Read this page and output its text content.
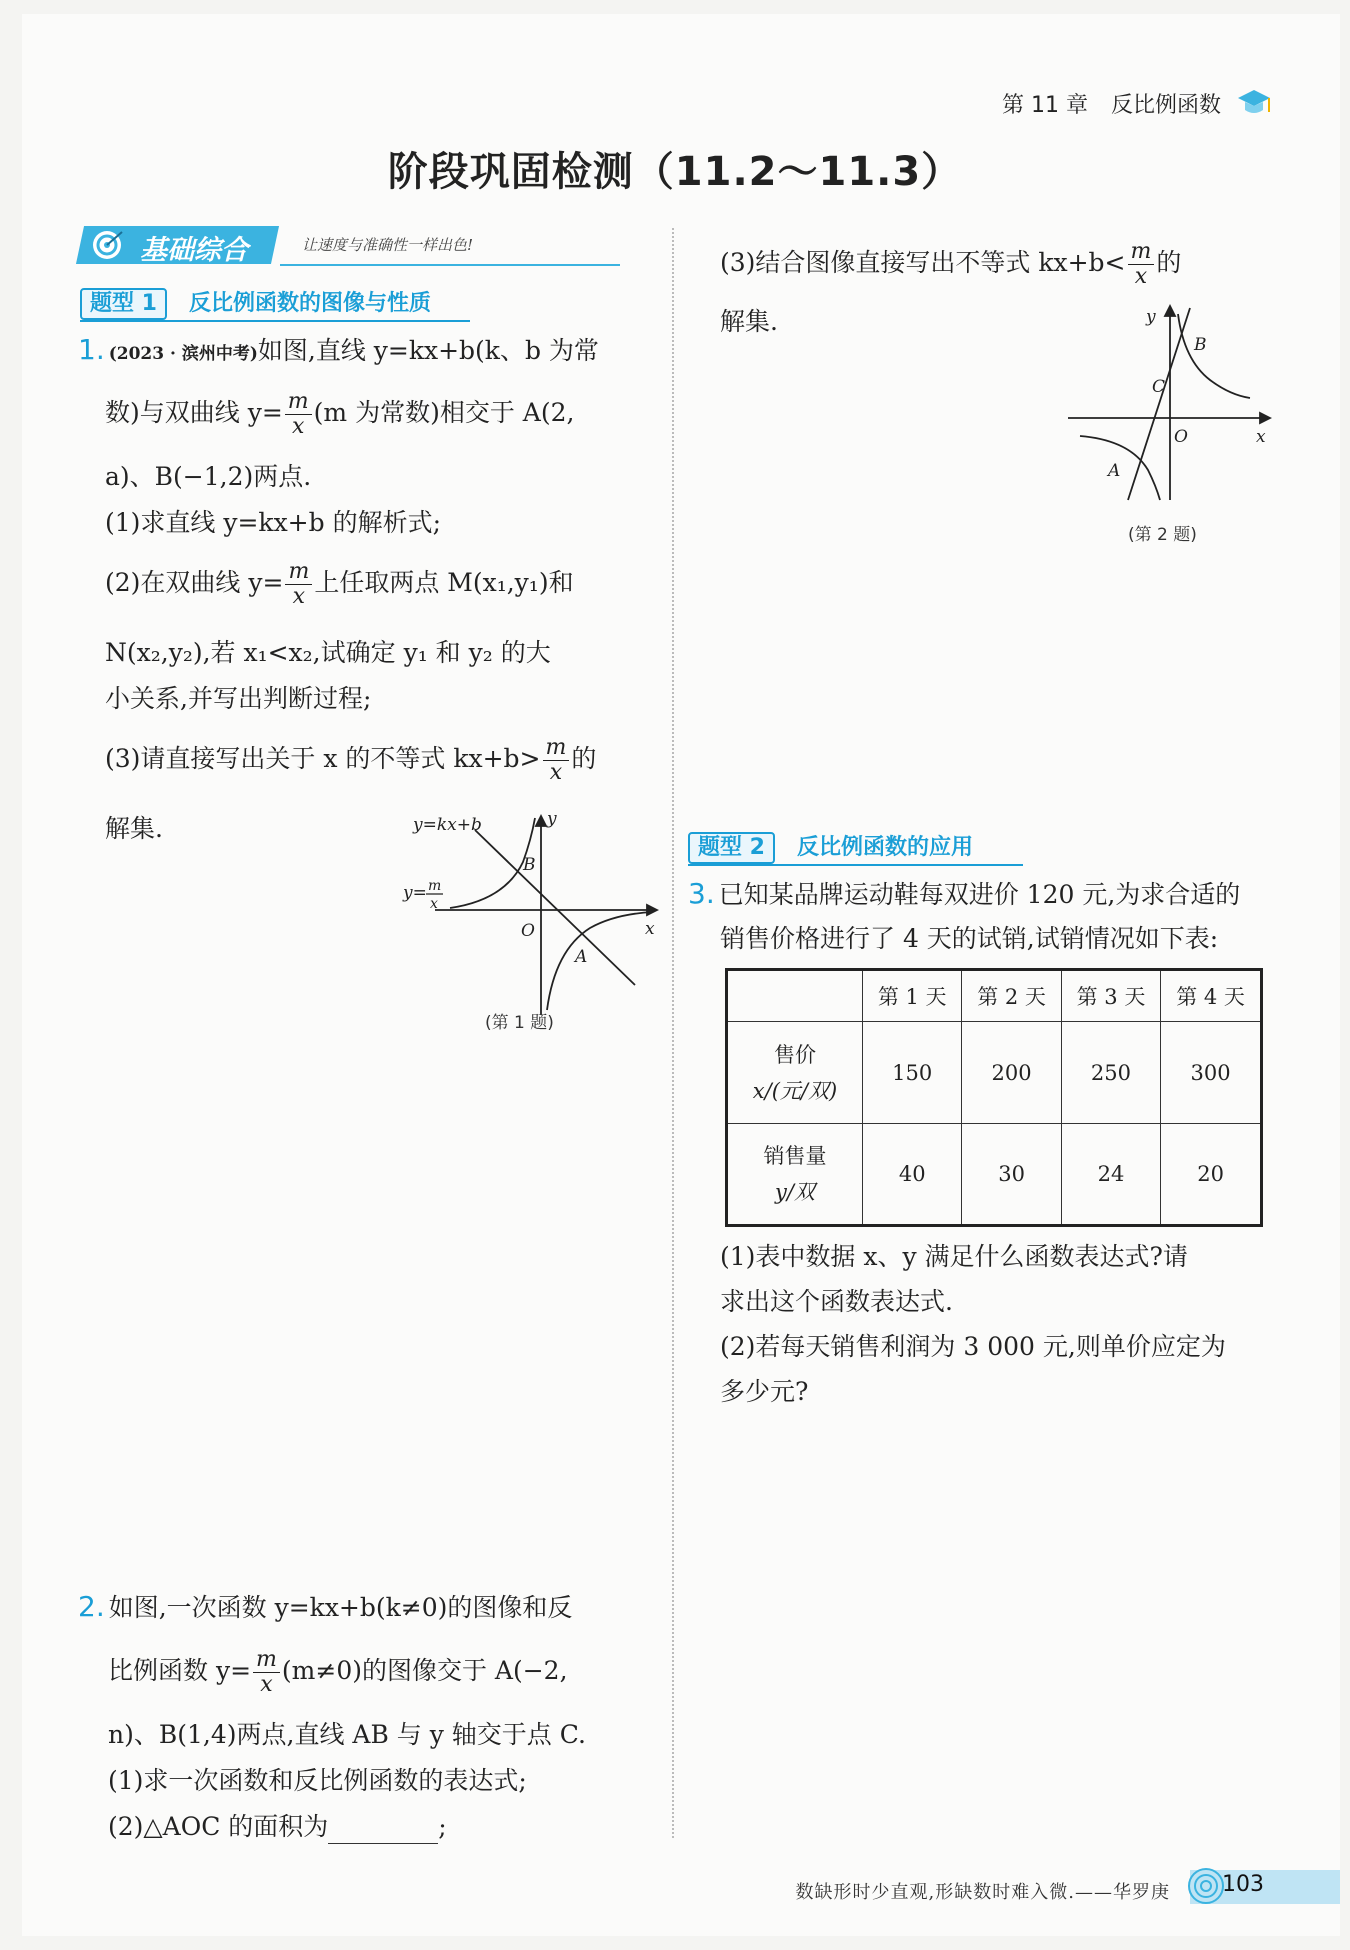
第 11 章 反比例函数
阶段巩固检测（11.2～11.3）
基础综合	让速度与准确性一样出色!
题型 1 反比例函数的图像与性质
1. (2023 · 滨州中考)如图,直线 y=kx+b(k、b 为常
数)与双曲线 $y= \frac{m}{x} (m$ 为常数)相交于 A(2,
a)、B(−1,2)两点.
(1)求直线 y=kx+b 的解析式;
(2)在双曲线 $y= \frac{m}{x}$ 上任取两点 M(x₁,y₁)和
N(x₂,y₂),若 x₁<x₂,试确定 y₁ 和 y₂ 的大
小关系,并写出判断过程;
(3)请直接写出关于 x 的不等式 $kx+b> \frac{m}{x}$ 的
解集.	y=kx+b
y= m
x
y
x
O
B
A
(第 1 题)
2. 如图,一次函数 y=kx+b(k≠0)的图像和反
比例函数 $y= \frac{m}{x} (m\ne 0)$的图像交于 A(−2,
n)、B(1,4)两点,直线 AB 与 y 轴交于点 C.
(1)求一次函数和反比例函数的表达式;
(2)△AOC 的面积为	;
(3)结合图像直接写出不等式 $kx+b< \frac{m}{x}$ 的
解集.	y
x
O
B
C
A
(第 2 题)
题型 2 反比例函数的应用
3. 已知某品牌运动鞋每双进价 120 元,为求合适的
销售价格进行了 4 天的试销,试销情况如下表:
	第 1 天	第 2 天	第 3 天	第 4 天
售价
x/(元/双)	150	200	250	300
销售量
y/双	40	30	24	20
(1)表中数据 x、y 满足什么函数表达式?请
求出这个函数表达式.
(2)若每天销售利润为 3 000 元,则单价应定为
多少元?
数缺形时少直观,形缺数时难入微.——华罗庚 103
